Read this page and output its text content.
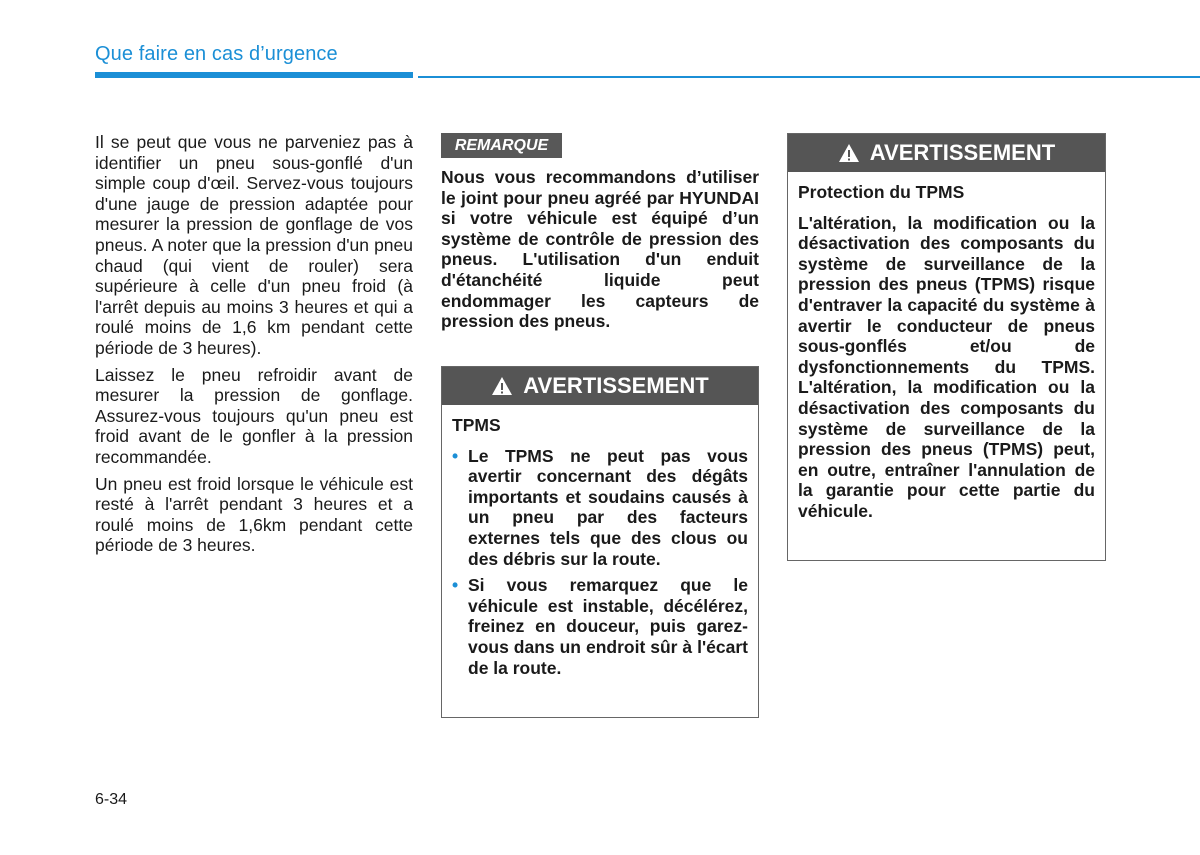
Que faire en cas d’urgence

Il se peut que vous ne parveniez pas à identifier un pneu sous-gonflé d'un simple coup d'œil. Servez-vous toujours d'une jauge de pression adaptée pour mesurer la pression de gonflage de vos pneus. A noter que la pression d'un pneu chaud (qui vient de rouler) sera supérieure à celle d'un pneu froid (à l'arrêt depuis au moins 3 heures et qui a roulé moins de 1,6 km pendant cette période de 3 heures).

Laissez le pneu refroidir avant de mesurer la pression de gonflage. Assurez-vous toujours qu'un pneu est froid avant de le gonfler à la pression recommandée.

Un pneu est froid lorsque le véhicule est resté à l'arrêt pendant 3 heures et a roulé moins de 1,6km pendant cette période de 3 heures.

REMARQUE

Nous vous recommandons d’utiliser le joint pour pneu agréé par HYUNDAI si votre véhicule est équipé d’un système de contrôle de pression des pneus. L'utilisation d'un enduit d'étanchéité liquide peut endommager les capteurs de pression des pneus.

AVERTISSEMENT

TPMS

• Le TPMS ne peut pas vous avertir concernant des dégâts importants et soudains causés à un pneu par des facteurs externes tels que des clous ou des débris sur la route.
• Si vous remarquez que le véhicule est instable, décélérez, freinez en douceur, puis garez-vous dans un endroit sûr à l'écart de la route.
AVERTISSEMENT

Protection du TPMS

L'altération, la modification ou la désactivation des composants du système de surveillance de la pression des pneus (TPMS) risque d'entraver la capacité du système à avertir le conducteur de pneus sous-gonflés et/ou de dysfonctionnements du TPMS. L'altération, la modification ou la désactivation des composants du système de surveillance de la pression des pneus (TPMS) peut, en outre, entraîner l'annulation de la garantie pour cette partie du véhicule.

6-34
